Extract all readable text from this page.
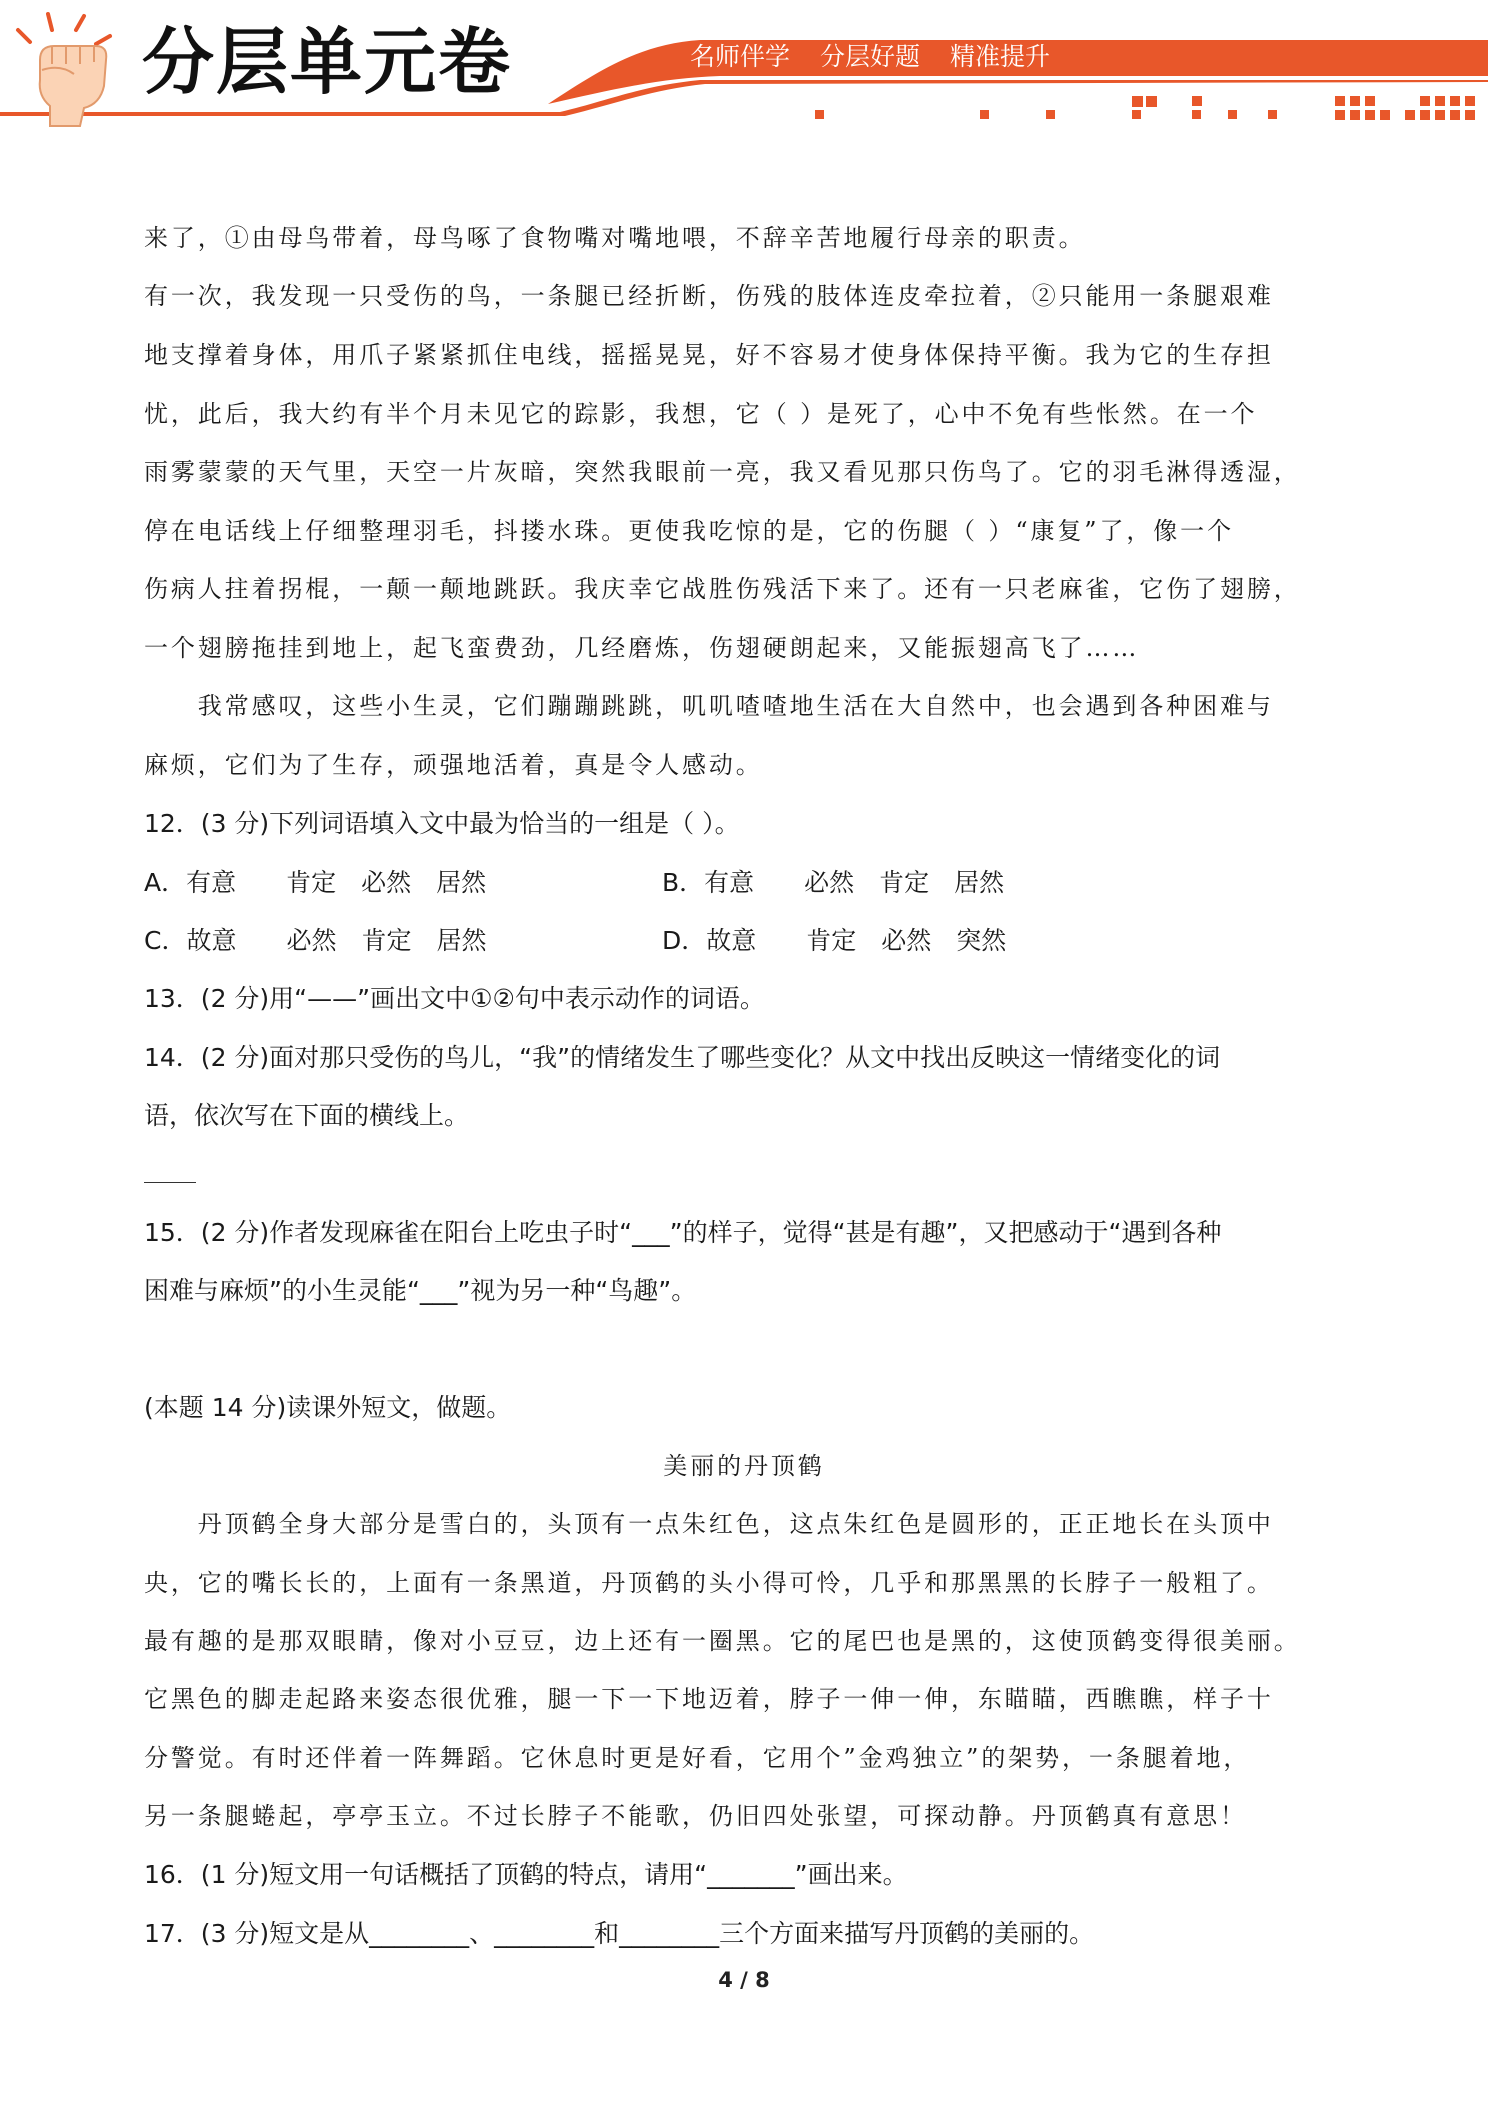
分层单元卷	名师伴学 分层好题 精准提升
来了，①由母鸟带着，母鸟啄了食物嘴对嘴地喂，不辞辛苦地履行母亲的职责。
有一次，我发现一只受伤的鸟，一条腿已经折断，伤残的肢体连皮牵拉着，②只能用一条腿艰难
地支撑着身体，用爪子紧紧抓住电线，摇摇晃晃，好不容易才使身体保持平衡。我为它的生存担
忧，此后，我大约有半个月未见它的踪影，我想，它（ ）是死了，心中不免有些怅然。在一个
雨雾蒙蒙的天气里，天空一片灰暗，突然我眼前一亮，我又看见那只伤鸟了。它的羽毛淋得透湿，
停在电话线上仔细整理羽毛，抖搂水珠。更使我吃惊的是，它的伤腿（ ）“康复”了，像一个
伤病人拄着拐棍，一颠一颠地跳跃。我庆幸它战胜伤残活下来了。还有一只老麻雀，它伤了翅膀，
一个翅膀拖挂到地上，起飞蛮费劲，几经磨炼，伤翅硬朗起来，又能振翅高飞了……
　　我常感叹，这些小生灵，它们蹦蹦跳跳，叽叽喳喳地生活在大自然中，也会遇到各种困难与
麻烦，它们为了生存，顽强地活着，真是令人感动。
12．(3 分)下列词语填入文中最为恰当的一组是（ ）。
A．有意　　肯定　必然　居然	B．有意　　必然　肯定　居然
C．故意　　必然　肯定　居然	D．故意　　肯定　必然　突然
13．(2 分)用“——”画出文中①②句中表示动作的词语。
14．(2 分)面对那只受伤的鸟儿，“我”的情绪发生了哪些变化？从文中找出反映这一情绪变化的词
语，依次写在下面的横线上。
15．(2 分)作者发现麻雀在阳台上吃虫子时“___”的样子，觉得“甚是有趣”，又把感动于“遇到各种
困难与麻烦”的小生灵能“___”视为另一种“鸟趣”。
(本题 14 分)读课外短文，做题。
美丽的丹顶鹤
　　丹顶鹤全身大部分是雪白的，头顶有一点朱红色，这点朱红色是圆形的，正正地长在头顶中
央，它的嘴长长的，上面有一条黑道，丹顶鹤的头小得可怜，几乎和那黑黑的长脖子一般粗了。
最有趣的是那双眼睛，像对小豆豆，边上还有一圈黑。它的尾巴也是黑的，这使顶鹤变得很美丽。
它黑色的脚走起路来姿态很优雅，腿一下一下地迈着，脖子一伸一伸，东瞄瞄，西瞧瞧，样子十
分警觉。有时还伴着一阵舞蹈。它休息时更是好看，它用个”金鸡独立”的架势，一条腿着地，
另一条腿蜷起，亭亭玉立。不过长脖子不能歌，仍旧四处张望，可探动静。丹顶鹤真有意思！
16．(1 分)短文用一句话概括了顶鹤的特点，请用“_______”画出来。
17．(3 分)短文是从________、________和________三个方面来描写丹顶鹤的美丽的。
4 / 8
